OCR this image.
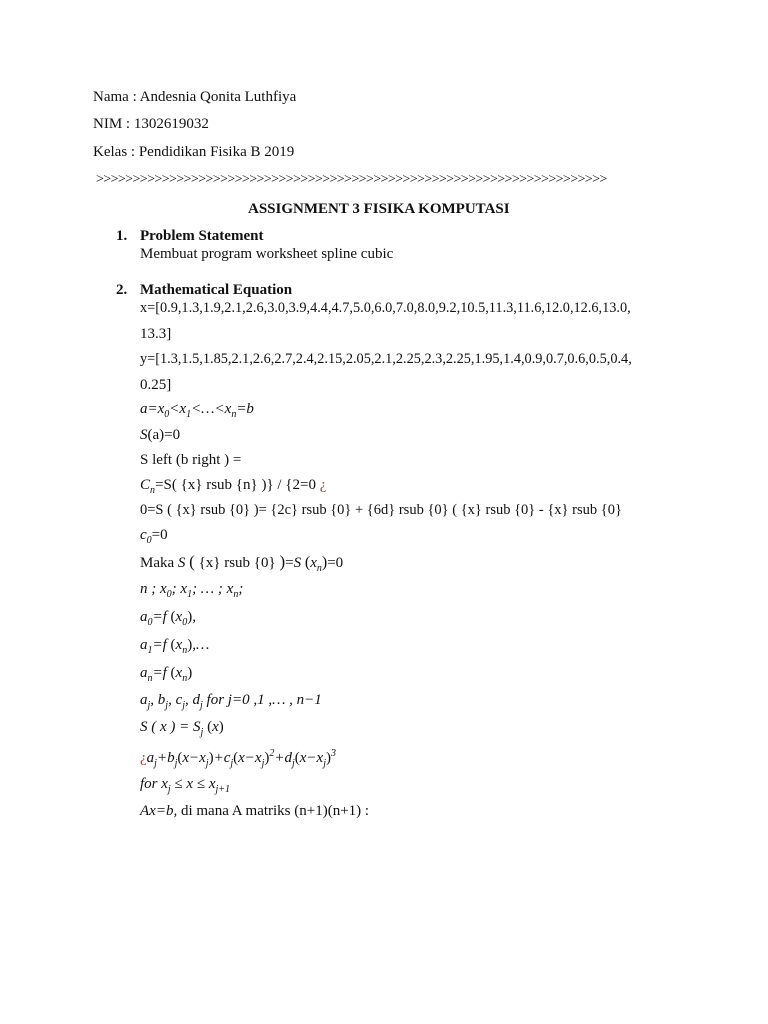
Nama : Andesnia Qonita Luthfiya
NIM : 1302619032
Kelas : Pendidikan Fisika B 2019
>>>>>>>>>>>>>>>>>>>>>>>>>>>>>>>>>>>>>>>>>>>>>>>>>>>>>>>>>>>>>>>>>>>>>>
ASSIGNMENT 3 FISIKA KOMPUTASI
1. Problem Statement
Membuat program worksheet spline cubic
2. Mathematical Equation
x=[0.9,1.3,1.9,2.1,2.6,3.0,3.9,4.4,4.7,5.0,6.0,7.0,8.0,9.2,10.5,11.3,11.6,12.0,12.6,13.0,
13.3]
y=[1.3,1.5,1.85,2.1,2.6,2.7,2.4,2.15,2.05,2.1,2.25,2.3,2.25,1.95,1.4,0.9,0.7,0.6,0.5,0.4,
0.25]
$a=x_0<x_1<\dots<x_n=b$
S(a)=0
S left (b right ) =
$C_n=S$( {x} rsub {n} )} / {2=0 ¿
0=S ( {x} rsub {0} )= {2c} rsub {0} + {6d} rsub {0} ( {x} rsub {0} - {x} rsub {0}
$c_0=0$
Maka S ( {x} rsub {0} )=S $(x_n)=0$
n ; $x_0$; $x_1$; … ; $x_n$;
$a_0=f$ $(x_0)$,
$a_1=f$ $(x_n),\dots$
$a_n=f$ $(x_n)$
$a_j$, $b_j$, $c_j$, $d_j$ for j=0 ,1 ,… , n−1
S ( x ) = $S_j$ (x)
¿$a_j+b_j(x-x_j)+c_j(x-x_j)^2+d_j(x-x_j)^3$
for $x_j \le x \le x_{j+1}$
Ax=b, di mana A matriks (n+1)(n+1) :
